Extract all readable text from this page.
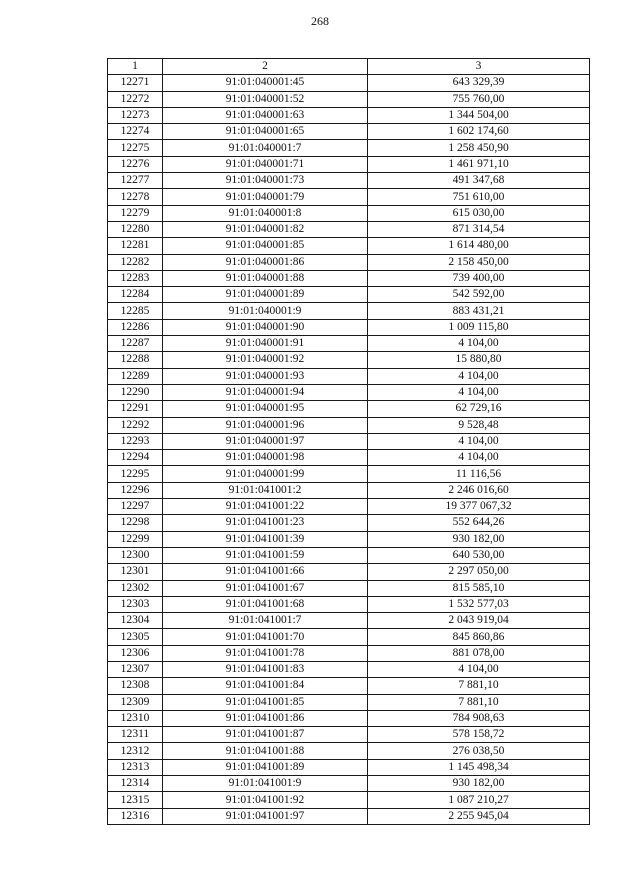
268
1	2	3
12271	91:01:040001:45	643 329,39
12272	91:01:040001:52	755 760,00
12273	91:01:040001:63	1 344 504,00
12274	91:01:040001:65	1 602 174,60
12275	91:01:040001:7	1 258 450,90
12276	91:01:040001:71	1 461 971,10
12277	91:01:040001:73	491 347,68
12278	91:01:040001:79	751 610,00
12279	91:01:040001:8	615 030,00
12280	91:01:040001:82	871 314,54
12281	91:01:040001:85	1 614 480,00
12282	91:01:040001:86	2 158 450,00
12283	91:01:040001:88	739 400,00
12284	91:01:040001:89	542 592,00
12285	91:01:040001:9	883 431,21
12286	91:01:040001:90	1 009 115,80
12287	91:01:040001:91	4 104,00
12288	91:01:040001:92	15 880,80
12289	91:01:040001:93	4 104,00
12290	91:01:040001:94	4 104,00
12291	91:01:040001:95	62 729,16
12292	91:01:040001:96	9 528,48
12293	91:01:040001:97	4 104,00
12294	91:01:040001:98	4 104,00
12295	91:01:040001:99	11 116,56
12296	91:01:041001:2	2 246 016,60
12297	91:01:041001:22	19 377 067,32
12298	91:01:041001:23	552 644,26
12299	91:01:041001:39	930 182,00
12300	91:01:041001:59	640 530,00
12301	91:01:041001:66	2 297 050,00
12302	91:01:041001:67	815 585,10
12303	91:01:041001:68	1 532 577,03
12304	91:01:041001:7	2 043 919,04
12305	91:01:041001:70	845 860,86
12306	91:01:041001:78	881 078,00
12307	91:01:041001:83	4 104,00
12308	91:01:041001:84	7 881,10
12309	91:01:041001:85	7 881,10
12310	91:01:041001:86	784 908,63
12311	91:01:041001:87	578 158,72
12312	91:01:041001:88	276 038,50
12313	91:01:041001:89	1 145 498,34
12314	91:01:041001:9	930 182,00
12315	91:01:041001:92	1 087 210,27
12316	91:01:041001:97	2 255 945,04
